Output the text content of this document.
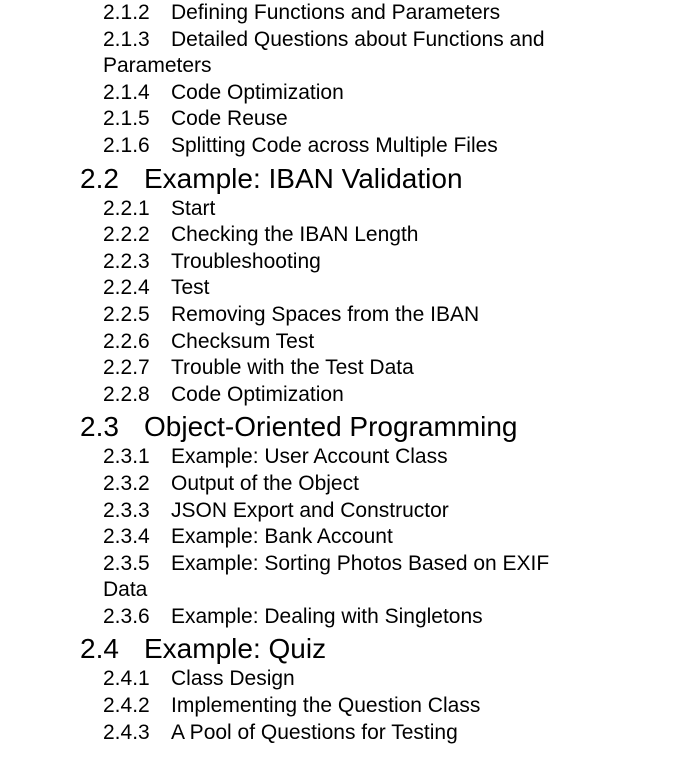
2.1.2 Defining Functions and Parameters
2.1.3 Detailed Questions about Functions and Parameters
2.1.4 Code Optimization
2.1.5 Code Reuse
2.1.6 Splitting Code across Multiple Files
2.2 Example: IBAN Validation
2.2.1 Start
2.2.2 Checking the IBAN Length
2.2.3 Troubleshooting
2.2.4 Test
2.2.5 Removing Spaces from the IBAN
2.2.6 Checksum Test
2.2.7 Trouble with the Test Data
2.2.8 Code Optimization
2.3 Object-Oriented Programming
2.3.1 Example: User Account Class
2.3.2 Output of the Object
2.3.3 JSON Export and Constructor
2.3.4 Example: Bank Account
2.3.5 Example: Sorting Photos Based on EXIF Data
2.3.6 Example: Dealing with Singletons
2.4 Example: Quiz
2.4.1 Class Design
2.4.2 Implementing the Question Class
2.4.3 A Pool of Questions for Testing
